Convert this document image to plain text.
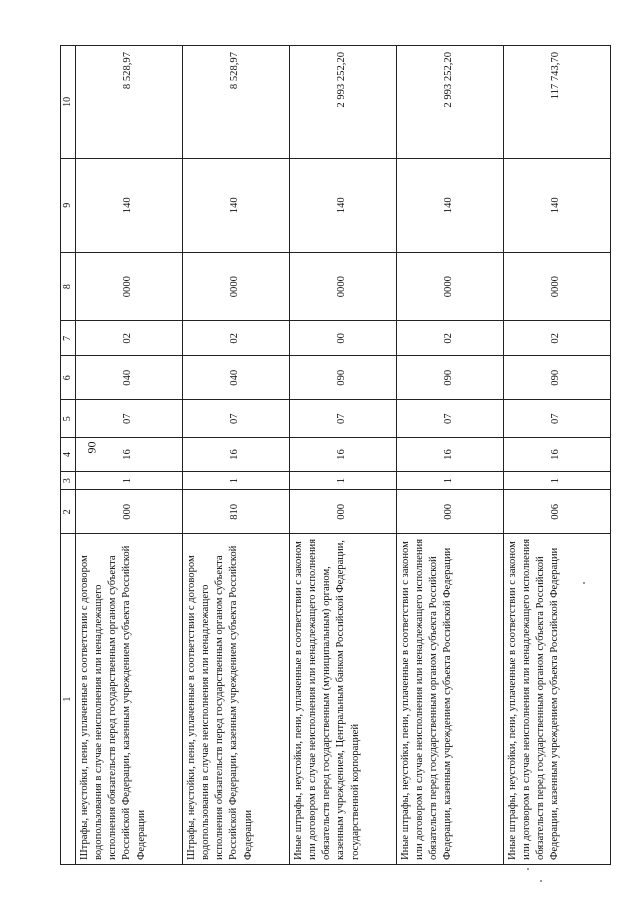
90
1	2	3	4	5	6	7	8	9	10
Штрафы, неустойки, пени, уплаченные в соответствии с договором водопользования в случае неисполнения или ненадлежащего исполнения обязательств перед государственным органом субъекта Российской Федерации, казенным учреждением субъекта Российской Федерации	000	1	16	07	040	02	0000	140	8 528,97
Штрафы, неустойки, пени, уплаченные в соответствии с договором водопользования в случае неисполнения или ненадлежащего исполнения обязательств перед государственным органом субъекта Российской Федерации, казенным учреждением субъекта Российской Федерации	810	1	16	07	040	02	0000	140	8 528,97
Иные штрафы, неустойки, пени, уплаченные в соответствии с законом или договором в случае неисполнения или ненадлежащего исполнения обязательств перед государственным (муниципальным) органом, казенным учреждением, Центральным банком Российской Федерации, государственной корпорацией	000	1	16	07	090	00	0000	140	2 993 252,20
Иные штрафы, неустойки, пени, уплаченные в соответствии с законом или договором в случае неисполнения или ненадлежащего исполнения обязательств перед государственным органом субъекта Российской Федерации, казенным учреждением субъекта Российской Федерации	000	1	16	07	090	02	0000	140	2 993 252,20
Иные штрафы, неустойки, пени, уплаченные в соответствии с законом или договором в случае неисполнения или ненадлежащего исполнения обязательств перед государственным органом субъекта Российской Федерации, казенным учреждением субъекта Российской Федерации	006	1	16	07	090	02	0000	140	117 743,70
